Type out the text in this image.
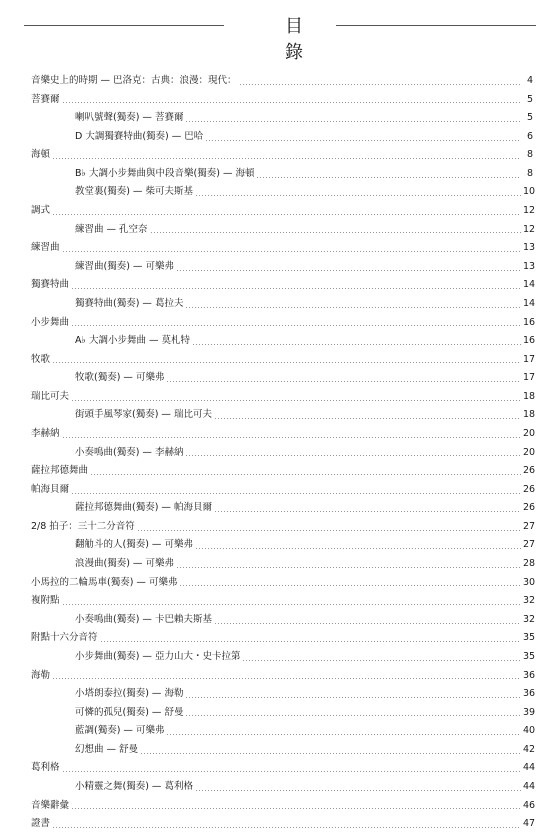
目 錄
音樂史上的時期 — 巴洛克：古典：浪漫：現代：	4
菩賽爾	5
喇叭號聲(獨奏) — 菩賽爾	5
D 大調獨賽特曲(獨奏) — 巴哈	6
海頓	8
B♭ 大調小步舞曲與中段音樂(獨奏) — 海頓	8
教堂裏(獨奏) — 柴可夫斯基	10
調式	12
練習曲 — 孔空奈	12
練習曲	13
練習曲(獨奏) — 可樂弗	13
獨賽特曲	14
獨賽特曲(獨奏) — 葛拉夫	14
小步舞曲	16
A♭ 大調小步舞曲 — 莫札特	16
牧歌	17
牧歌(獨奏) — 可樂弗	17
瑞比可夫	18
街頭手風琴家(獨奏) — 瑞比可夫	18
李赫納	20
小奏鳴曲(獨奏) — 李赫納	20
薩拉邦德舞曲	26
帕海貝爾	26
薩拉邦德舞曲(獨奏) — 帕海貝爾	26
2/8 拍子：三十二分音符	27
翻觔斗的人(獨奏) — 可樂弗	27
浪漫曲(獨奏) — 可樂弗	28
小馬拉的二輪馬車(獨奏) — 可樂弗	30
複附點	32
小奏鳴曲(獨奏) — 卡巴賴夫斯基	32
附點十六分音符	35
小步舞曲(獨奏) — 亞力山大・史卡拉第	35
海勒	36
小塔朗泰拉(獨奏) — 海勒	36
可憐的孤兒(獨奏) — 舒曼	39
藍調(獨奏) — 可樂弗	40
幻想曲 — 舒曼	42
葛利格	44
小精靈之舞(獨奏) — 葛利格	44
音樂辭彙	46
證書	47
